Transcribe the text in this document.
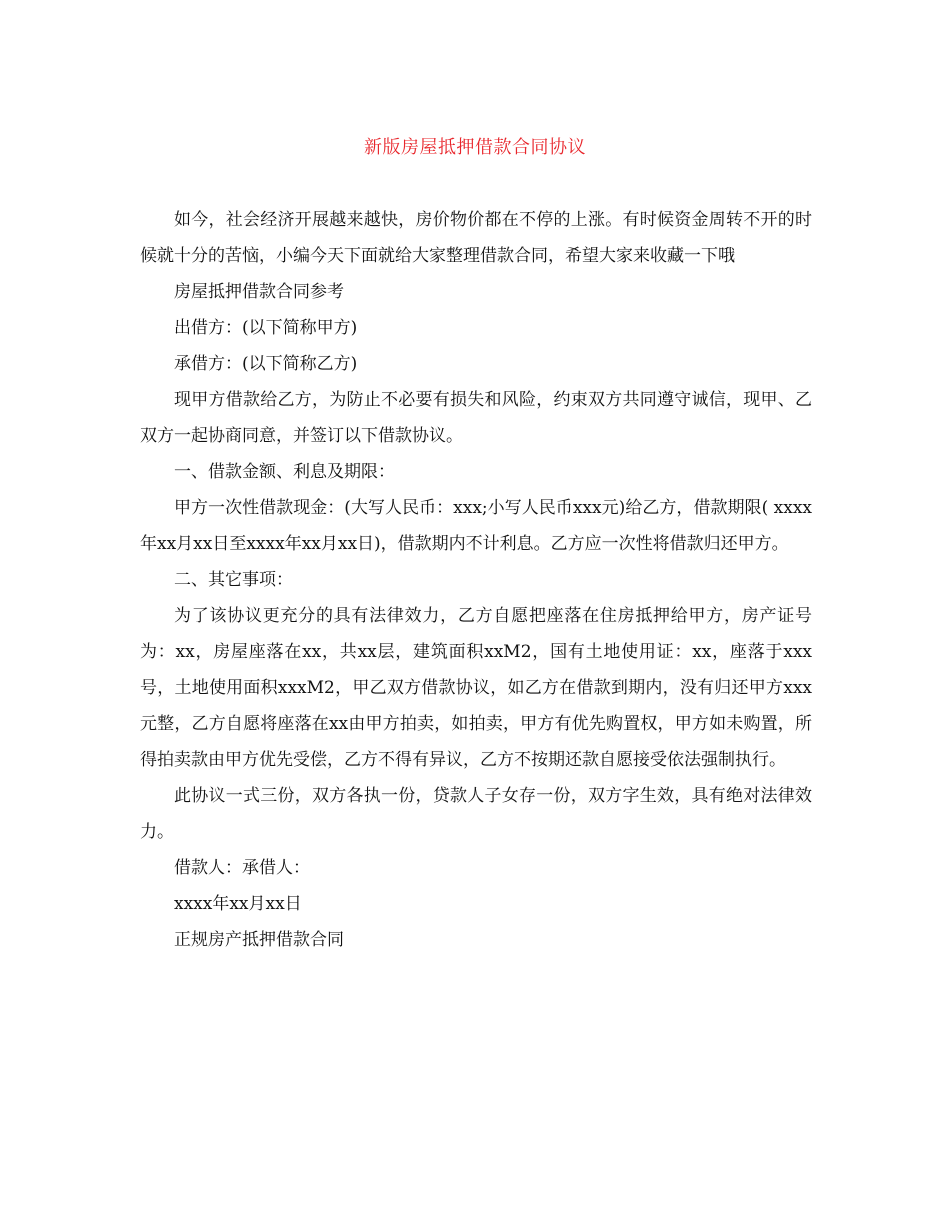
新版房屋抵押借款合同协议

如今，社会经济开展越来越快，房价物价都在不停的上涨。有时候资金周转不开的时候就十分的苦恼，小编今天下面就给大家整理借款合同，希望大家来收藏一下哦

房屋抵押借款合同参考

出借方：(以下简称甲方)

承借方：(以下简称乙方)

现甲方借款给乙方，为防止不必要有损失和风险，约束双方共同遵守诚信，现甲、乙双方一起协商同意，并签订以下借款协议。

一、借款金额、利息及期限：

甲方一次性借款现金：(大写人民币：xxx;小写人民币xxx元)给乙方，借款期限( xxxx年xx月xx日至xxxx年xx月xx日)，借款期内不计利息。乙方应一次性将借款归还甲方。

二、其它事项：

为了该协议更充分的具有法律效力，乙方自愿把座落在住房抵押给甲方，房产证号为：xx，房屋座落在xx，共xx层，建筑面积xxM2，国有土地使用证：xx，座落于xxx号，土地使用面积xxxM2，甲乙双方借款协议，如乙方在借款到期内，没有归还甲方xxx元整，乙方自愿将座落在xx由甲方拍卖，如拍卖，甲方有优先购置权，甲方如未购置，所得拍卖款由甲方优先受偿，乙方不得有异议，乙方不按期还款自愿接受依法强制执行。

此协议一式三份，双方各执一份，贷款人子女存一份，双方字生效，具有绝对法律效力。

借款人：承借人：

xxxx年xx月xx日

正规房产抵押借款合同
